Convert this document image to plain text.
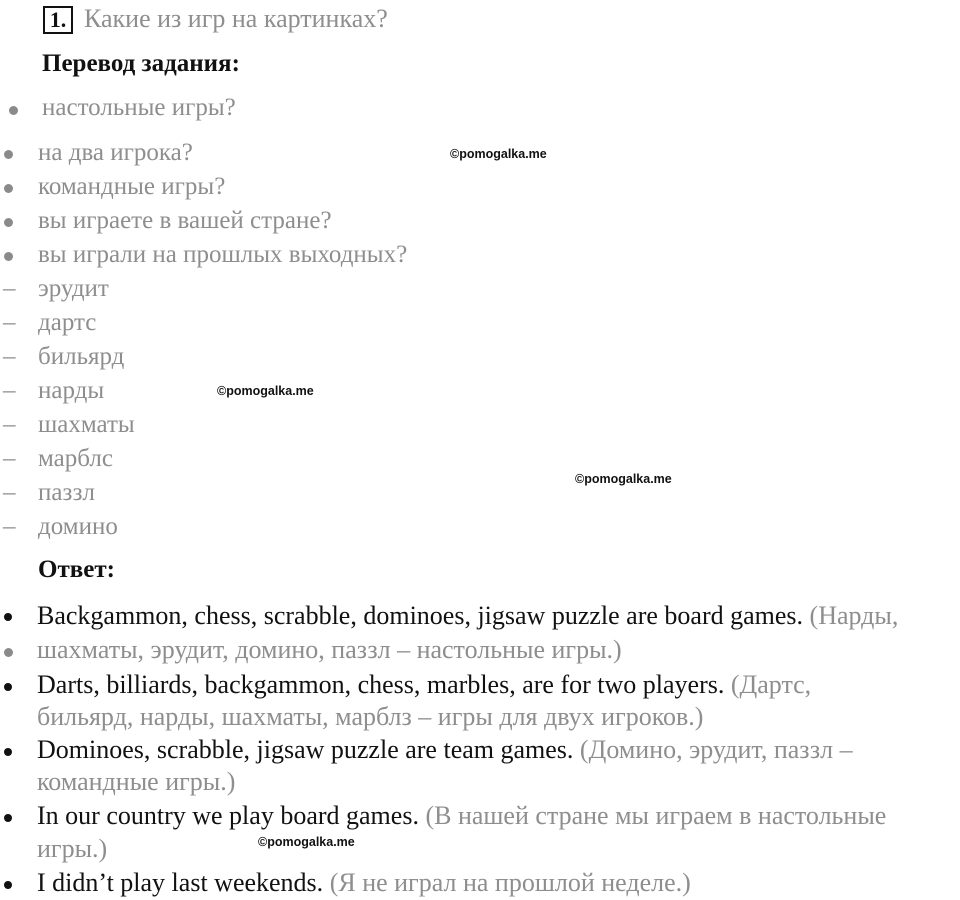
1. Какие из игр на картинках?
Перевод задания:
настольные игры?
на два игрока?
командные игры?
вы играете в вашей стране?
вы играли на прошлых выходных?
– эрудит
– дартс
– бильярд
– нарды
– шахматы
– марблс
– паззл
– домино
Ответ:
Backgammon, chess, scrabble, dominoes, jigsaw puzzle are board games. (Нарды,
шахматы, эрудит, домино, паззл – настольные игры.)
Darts, billiards, backgammon, chess, marbles, are for two players. (Дартс,
бильярд, нарды, шахматы, марблз – игры для двух игроков.)
Dominoes, scrabble, jigsaw puzzle are team games. (Домино, эрудит, паззл –
командные игры.)
In our country we play board games. (В нашей стране мы играем в настольные
игры.)
I didn’t play last weekends. (Я не играл на прошлой неделе.)
©pomogalka.me
©pomogalka.me
©pomogalka.me
©pomogalka.me
